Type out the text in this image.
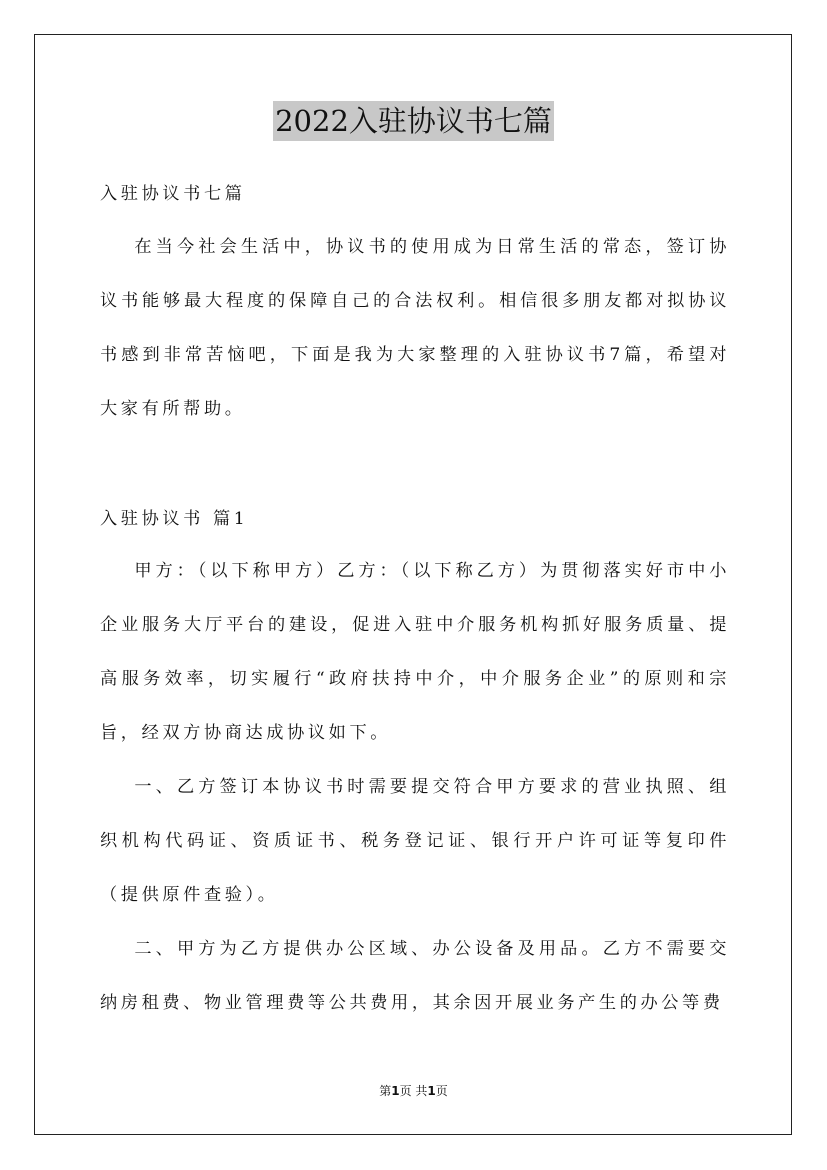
2022入驻协议书七篇
入驻协议书七篇
在当今社会生活中，协议书的使用成为日常生活的常态，签订协议书能够最大程度的保障自己的合法权利。相信很多朋友都对拟协议书感到非常苦恼吧，下面是我为大家整理的入驻协议书7篇，希望对大家有所帮助。
入驻协议书 篇1
甲方：（以下称甲方）乙方：（以下称乙方）为贯彻落实好市中小企业服务大厅平台的建设，促进入驻中介服务机构抓好服务质量、提高服务效率，切实履行“政府扶持中介，中介服务企业”的原则和宗旨，经双方协商达成协议如下。
一、乙方签订本协议书时需要提交符合甲方要求的营业执照、组织机构代码证、资质证书、税务登记证、银行开户许可证等复印件（提供原件查验）。
二、甲方为乙方提供办公区域、办公设备及用品。乙方不需要交纳房租费、物业管理费等公共费用，其余因开展业务产生的办公等费
第1页 共1页
